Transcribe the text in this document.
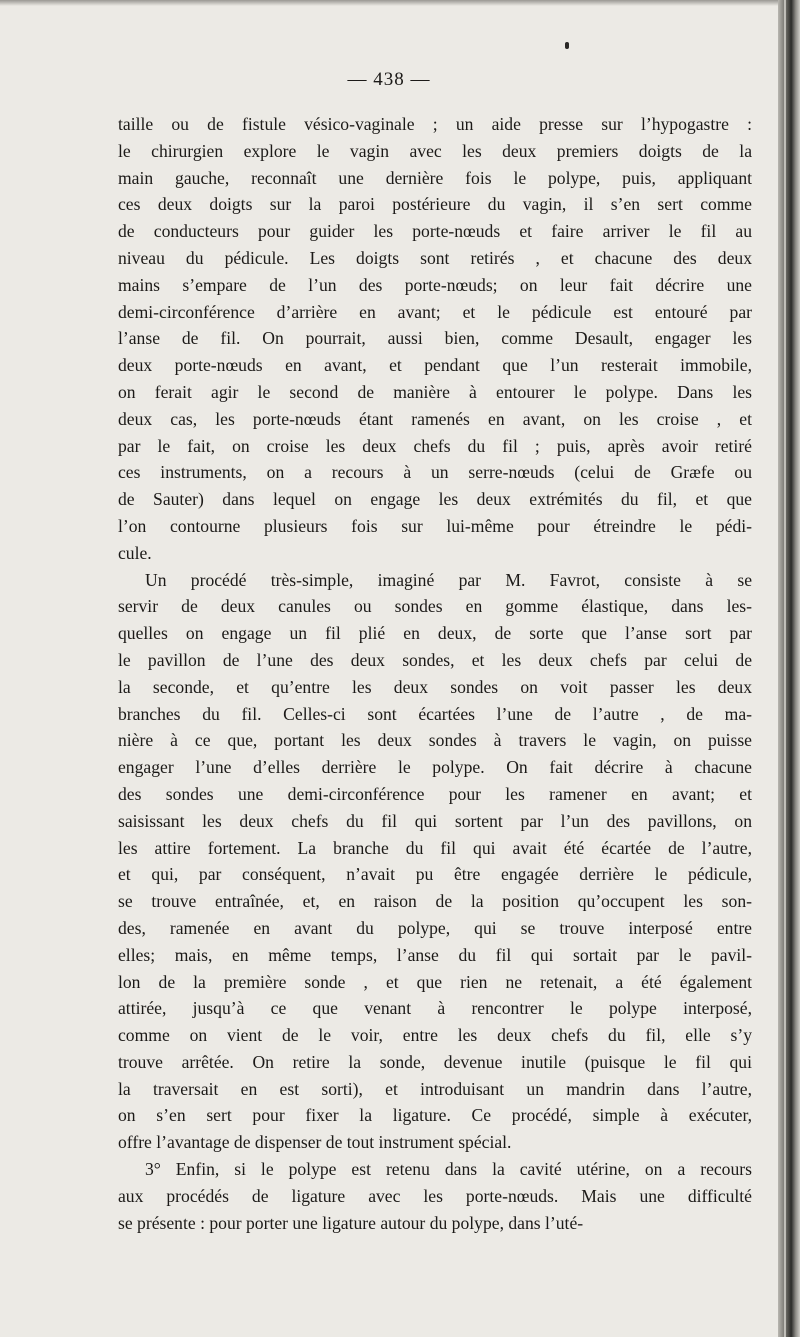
— 438 —
taille ou de fistule vésico-vaginale ; un aide presse sur l’hypogastre :
le chirurgien explore le vagin avec les deux premiers doigts de la
main gauche, reconnaît une dernière fois le polype, puis, appliquant
ces deux doigts sur la paroi postérieure du vagin, il s’en sert comme
de conducteurs pour guider les porte-nœuds et faire arriver le fil au
niveau du pédicule. Les doigts sont retirés , et chacune des deux
mains s’empare de l’un des porte-nœuds; on leur fait décrire une
demi-circonférence d’arrière en avant; et le pédicule est entouré par
l’anse de fil. On pourrait, aussi bien, comme Desault, engager les
deux porte-nœuds en avant, et pendant que l’un resterait immobile,
on ferait agir le second de manière à entourer le polype. Dans les
deux cas, les porte-nœuds étant ramenés en avant, on les croise , et
par le fait, on croise les deux chefs du fil ; puis, après avoir retiré
ces instruments, on a recours à un serre-nœuds (celui de Græfe ou
de Sauter) dans lequel on engage les deux extrémités du fil, et que
l’on contourne plusieurs fois sur lui-même pour étreindre le pédi-
cule.
Un procédé très-simple, imaginé par M. Favrot, consiste à se
servir de deux canules ou sondes en gomme élastique, dans les-
quelles on engage un fil plié en deux, de sorte que l’anse sort par
le pavillon de l’une des deux sondes, et les deux chefs par celui de
la seconde, et qu’entre les deux sondes on voit passer les deux
branches du fil. Celles-ci sont écartées l’une de l’autre , de ma-
nière à ce que, portant les deux sondes à travers le vagin, on puisse
engager l’une d’elles derrière le polype. On fait décrire à chacune
des sondes une demi-circonférence pour les ramener en avant; et
saisissant les deux chefs du fil qui sortent par l’un des pavillons, on
les attire fortement. La branche du fil qui avait été écartée de l’autre,
et qui, par conséquent, n’avait pu être engagée derrière le pédicule,
se trouve entraînée, et, en raison de la position qu’occupent les son-
des, ramenée en avant du polype, qui se trouve interposé entre
elles; mais, en même temps, l’anse du fil qui sortait par le pavil-
lon de la première sonde , et que rien ne retenait, a été également
attirée, jusqu’à ce que venant à rencontrer le polype interposé,
comme on vient de le voir, entre les deux chefs du fil, elle s’y
trouve arrêtée. On retire la sonde, devenue inutile (puisque le fil qui
la traversait en est sorti), et introduisant un mandrin dans l’autre,
on s’en sert pour fixer la ligature. Ce procédé, simple à exécuter,
offre l’avantage de dispenser de tout instrument spécial.
3° Enfin, si le polype est retenu dans la cavité utérine, on a recours
aux procédés de ligature avec les porte-nœuds. Mais une difficulté
se présente : pour porter une ligature autour du polype, dans l’uté-
